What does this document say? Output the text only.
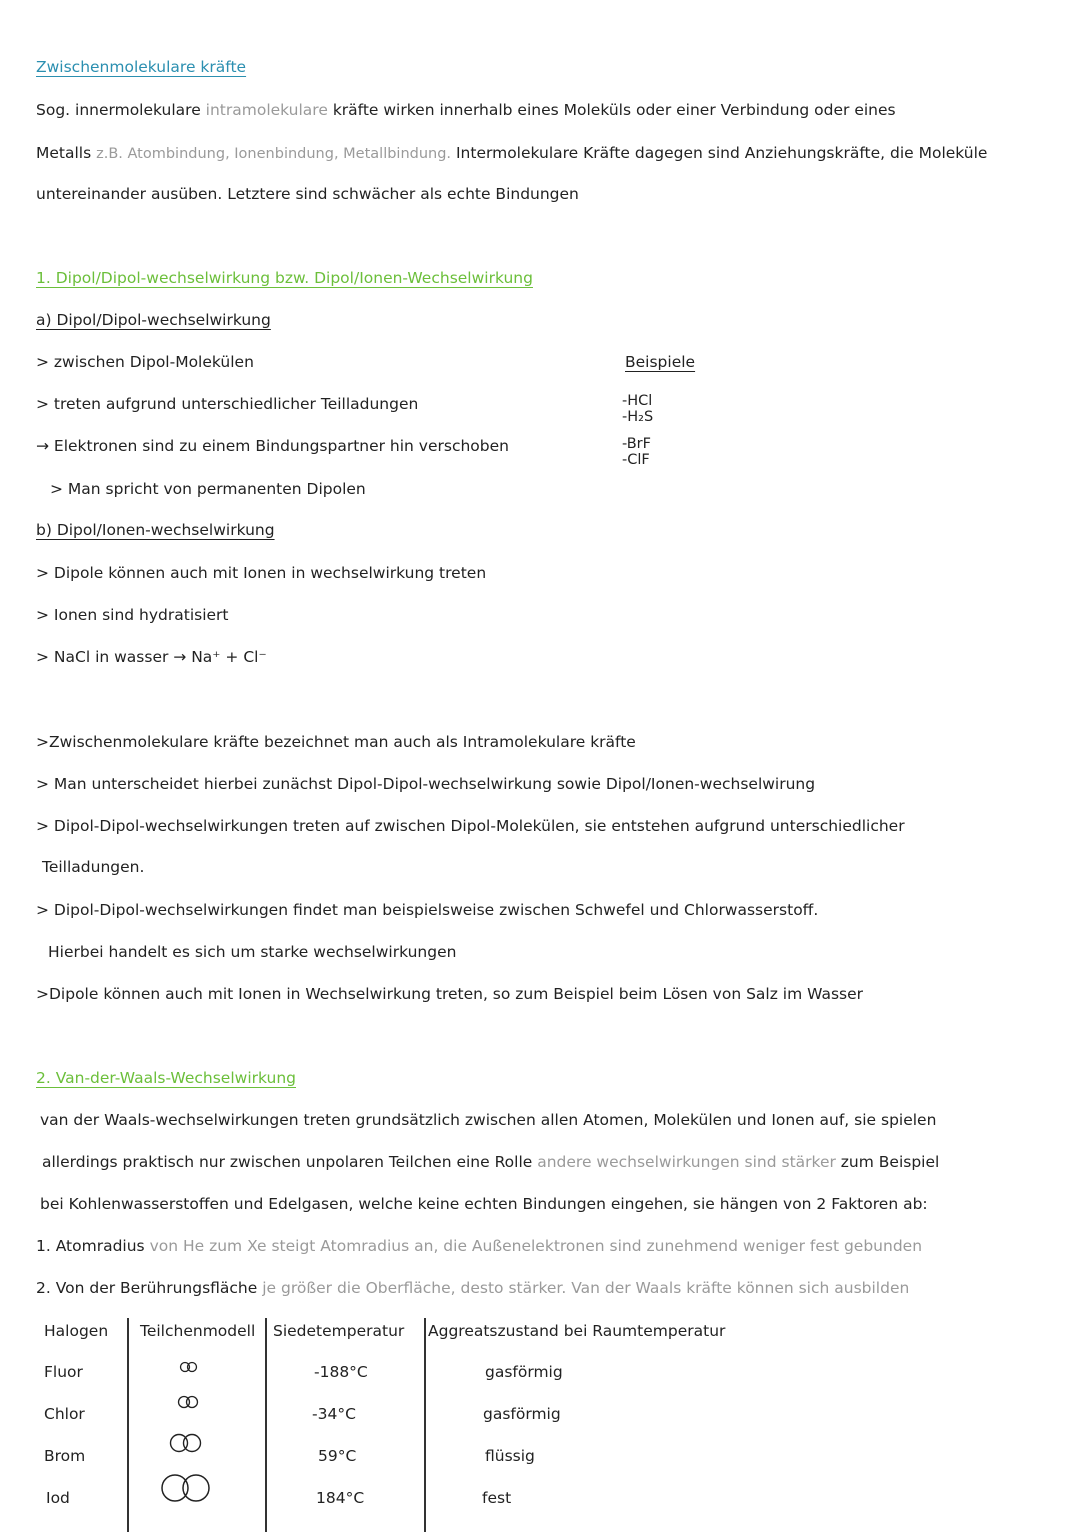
Zwischenmolekulare kräfte
Sog. innermolekulare intramolekulare kräfte wirken innerhalb eines Moleküls oder einer Verbindung oder eines
Metalls z.B. Atombindung, Ionenbindung, Metallbindung. Intermolekulare Kräfte dagegen sind Anziehungskräfte, die Moleküle
untereinander ausüben. Letztere sind schwächer als echte Bindungen
1. Dipol/Dipol-wechselwirkung bzw. Dipol/Ionen-Wechselwirkung
a) Dipol/Dipol-wechselwirkung
> zwischen Dipol-Molekülen
> treten aufgrund unterschiedlicher Teilladungen
→ Elektronen sind zu einem Bindungspartner hin verschoben
> Man spricht von permanenten Dipolen
Beispiele
-HCl
-H₂S
-BrF
-ClF
b) Dipol/Ionen-wechselwirkung
> Dipole können auch mit Ionen in wechselwirkung treten
> Ionen sind hydratisiert
> NaCl in wasser → Na⁺ + Cl⁻
>Zwischenmolekulare kräfte bezeichnet man auch als Intramolekulare kräfte
> Man unterscheidet hierbei zunächst Dipol-Dipol-wechselwirkung sowie Dipol/Ionen-wechselwirung
> Dipol-Dipol-wechselwirkungen treten auf zwischen Dipol-Molekülen, sie entstehen aufgrund unterschiedlicher
Teilladungen.
> Dipol-Dipol-wechselwirkungen findet man beispielsweise zwischen Schwefel und Chlorwasserstoff.
Hierbei handelt es sich um starke wechselwirkungen
>Dipole können auch mit Ionen in Wechselwirkung treten, so zum Beispiel beim Lösen von Salz im Wasser
2. Van-der-Waals-Wechselwirkung
van der Waals-wechselwirkungen treten grundsätzlich zwischen allen Atomen, Molekülen und Ionen auf, sie spielen
allerdings praktisch nur zwischen unpolaren Teilchen eine Rolle andere wechselwirkungen sind stärker zum Beispiel
bei Kohlenwasserstoffen und Edelgasen, welche keine echten Bindungen eingehen, sie hängen von 2 Faktoren ab:
1. Atomradius von He zum Xe steigt Atomradius an, die Außenelektronen sind zunehmend weniger fest gebunden
2. Von der Berührungsfläche je größer die Oberfläche, desto stärker. Van der Waals kräfte können sich ausbilden
Halogen Teilchenmodell Siedetemperatur Aggreatszustand bei Raumtemperatur
Fluor	-188°C	gasförmig
Chlor	-34°C	gasförmig
Brom	59°C	flüssig
Iod	184°C	fest
